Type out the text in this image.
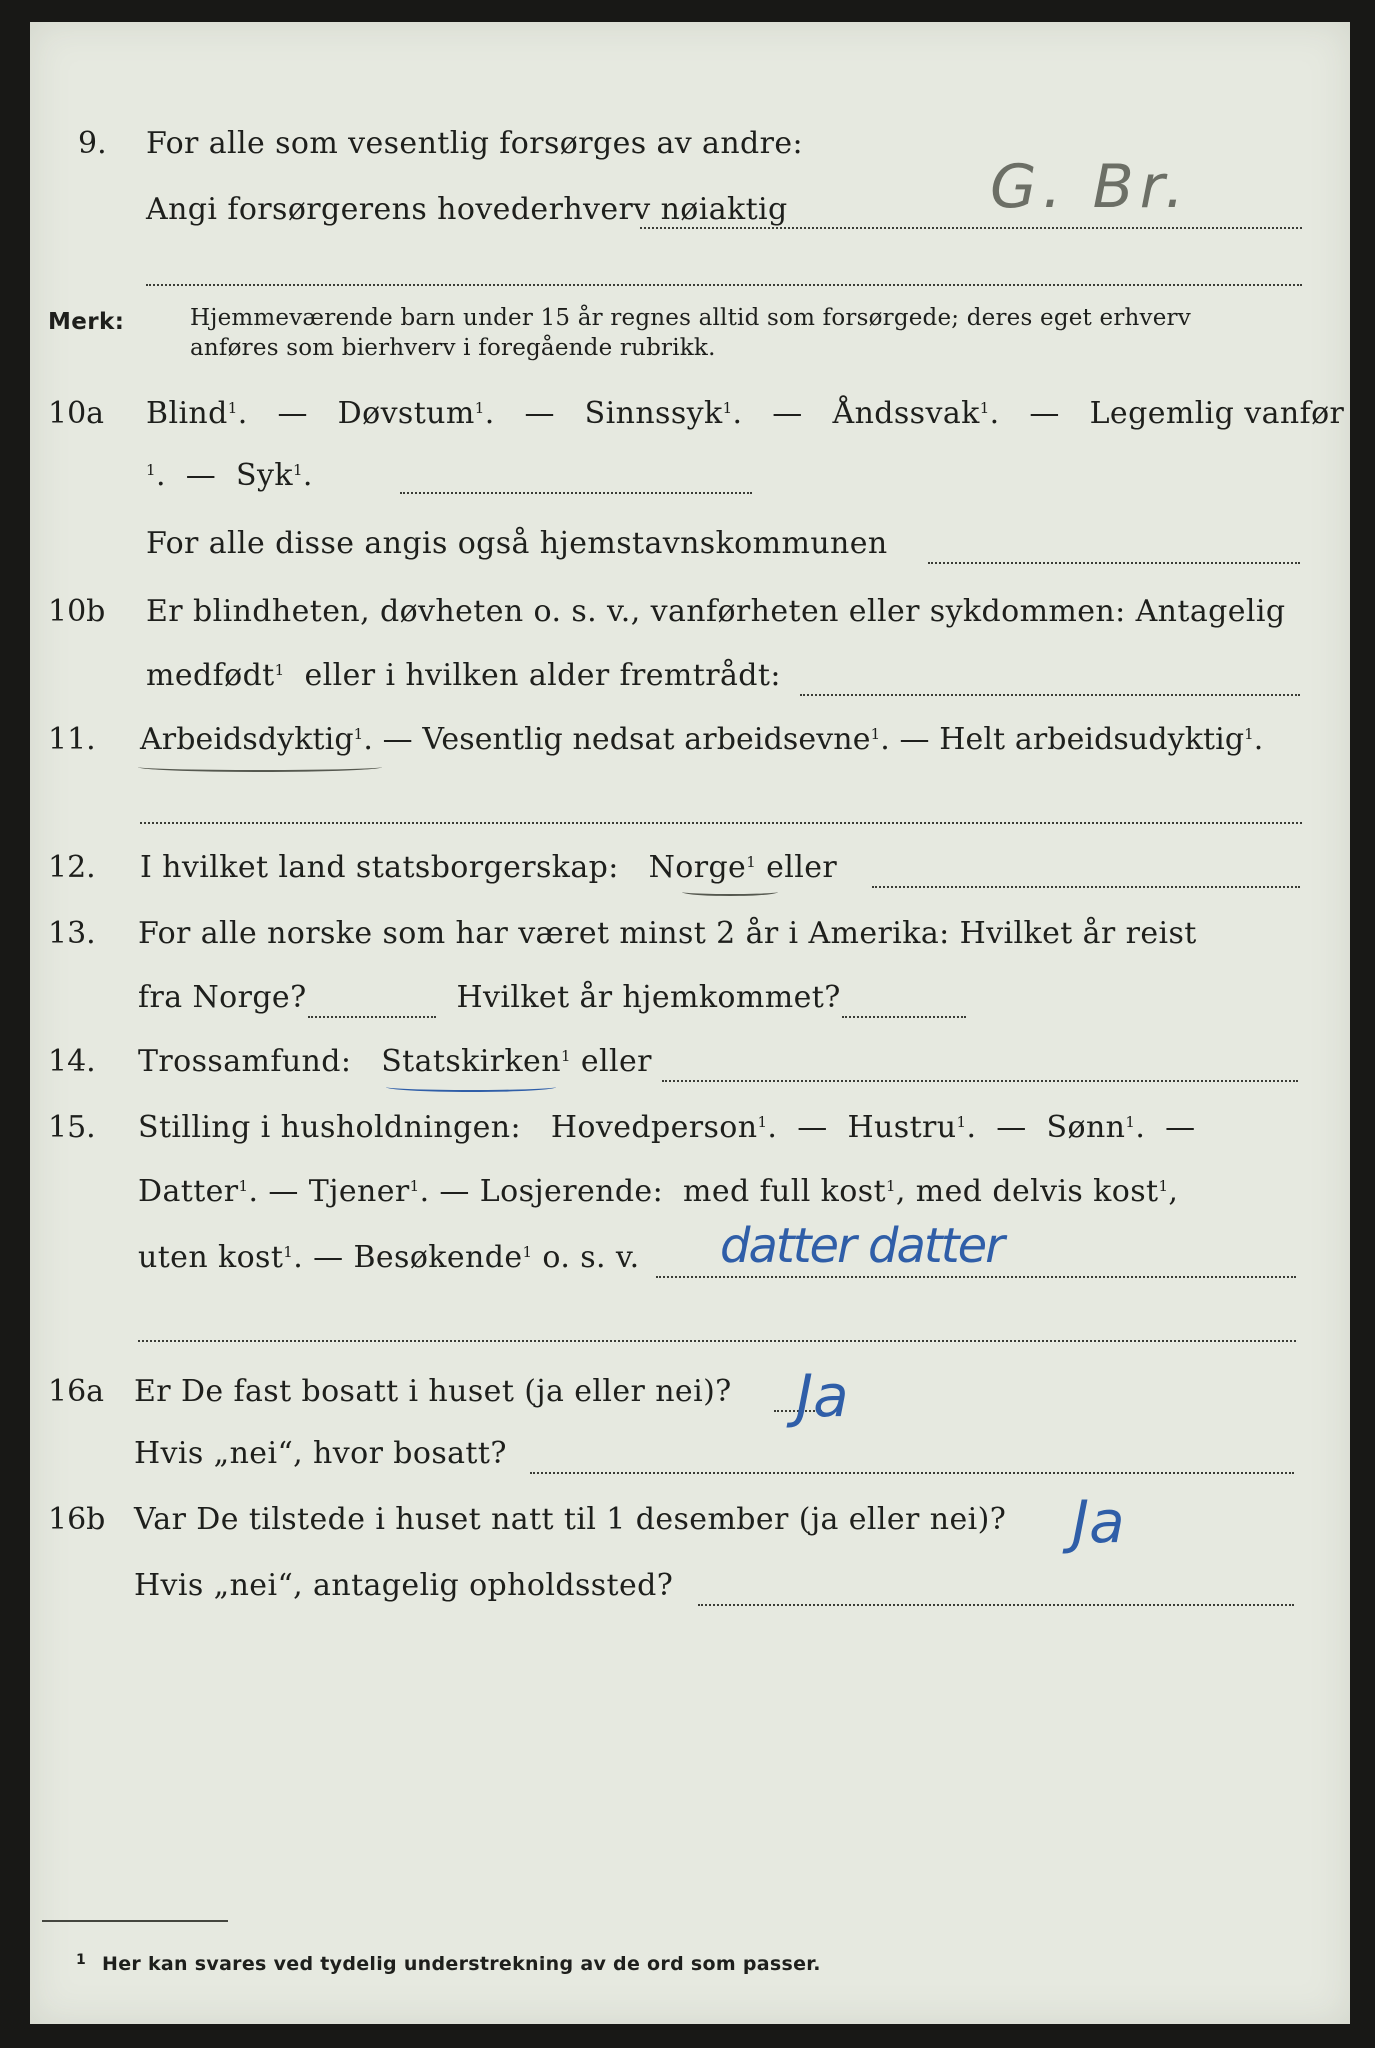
9. For alle som vesentlig forsørges av andre:
Angi forsørgerens hovederhverv nøiaktig	G. Br.
Merk:	Hjemmeværende barn under 15 år regnes alltid som forsørgede; deres eget erhverv
anføres som bierhverv i foregående rubrikk.
10a Blind$^1$.   —   Døvstum$^1$.   —   Sinnssyk$^1$.   —   Åndssvak$^1$.   —   Legemlig vanfør
$^1$.  —  Syk$^1$.
For alle disse angis også hjemstavnskommunen
10b Er blindheten, døvheten o. s. v., vanførheten eller sykdommen: Antagelig
medfødt$^1$ eller i hvilken alder fremtrådt:
11. Arbeidsdyktig$^1$. — Vesentlig nedsat arbeidsevne$^1$. — Helt arbeidsudyktig$^1$.
12. I hvilket land statsborgerskap: Norge$^1$ eller
13. For alle norske som har været minst 2 år i Amerika: Hvilket år reist
fra Norge?	Hvilket år hjemkommet?
14. Trossamfund: Statskirken$^1$ eller
15. Stilling i husholdningen: Hovedperson$^1$.  —  Hustru$^1$.  —  Sønn$^1$.  —
Datter$^1$. — Tjener$^1$. — Losjerende: med full kost$^1$, med delvis kost$^1$,
uten kost$^1$. — Besøkende$^1$ o. s. v. datter datter
16a Er De fast bosatt i huset (ja eller nei)? Ja
Hvis „nei“, hvor bosatt?
16b Var De tilstede i huset natt til 1 desember (ja eller nei)? Ja
Hvis „nei“, antagelig opholdssted?
1 Her kan svares ved tydelig understrekning av de ord som passer.
